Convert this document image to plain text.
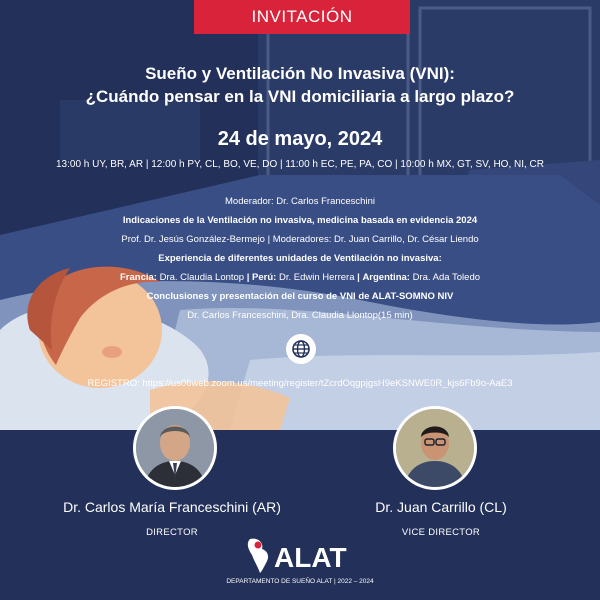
INVITACIÓN
Sueño y Ventilación No Invasiva (VNI):
¿Cuándo pensar en la VNI domiciliaria a largo plazo?
24 de mayo, 2024
13:00 h UY, BR, AR | 12:00 h PY, CL, BO, VE, DO | 11:00 h EC, PE, PA, CO | 10:00 h MX, GT, SV, HO, NI, CR
Moderador: Dr. Carlos Franceschini
Indicaciones de la Ventilación no invasiva, medicina basada en evidencia 2024
Prof. Dr. Jesús González-Bermejo | Moderadores: Dr. Juan Carrillo, Dr. César Liendo
Experiencia de diferentes unidades de Ventilación no invasiva:
Francia: Dra. Claudia Lontop | Perú: Dr. Edwin Herrera | Argentina: Dra. Ada Toledo
Conclusiones y presentación del curso de VNI de ALAT-SOMNO NIV
Dr. Carlos Franceschini, Dra. Claudia Llontop(15 min)
REGISTRO: https://us06web.zoom.us/meeting/register/tZcrdOqgpjgsH9eKSNWE0R_kjs6Fb9o-AaE3
Dr. Carlos María Franceschini (AR)
DIRECTOR
Dr. Juan Carrillo (CL)
VICE DIRECTOR
ALAT
DEPARTAMENTO DE SUEÑO ALAT | 2022 – 2024
